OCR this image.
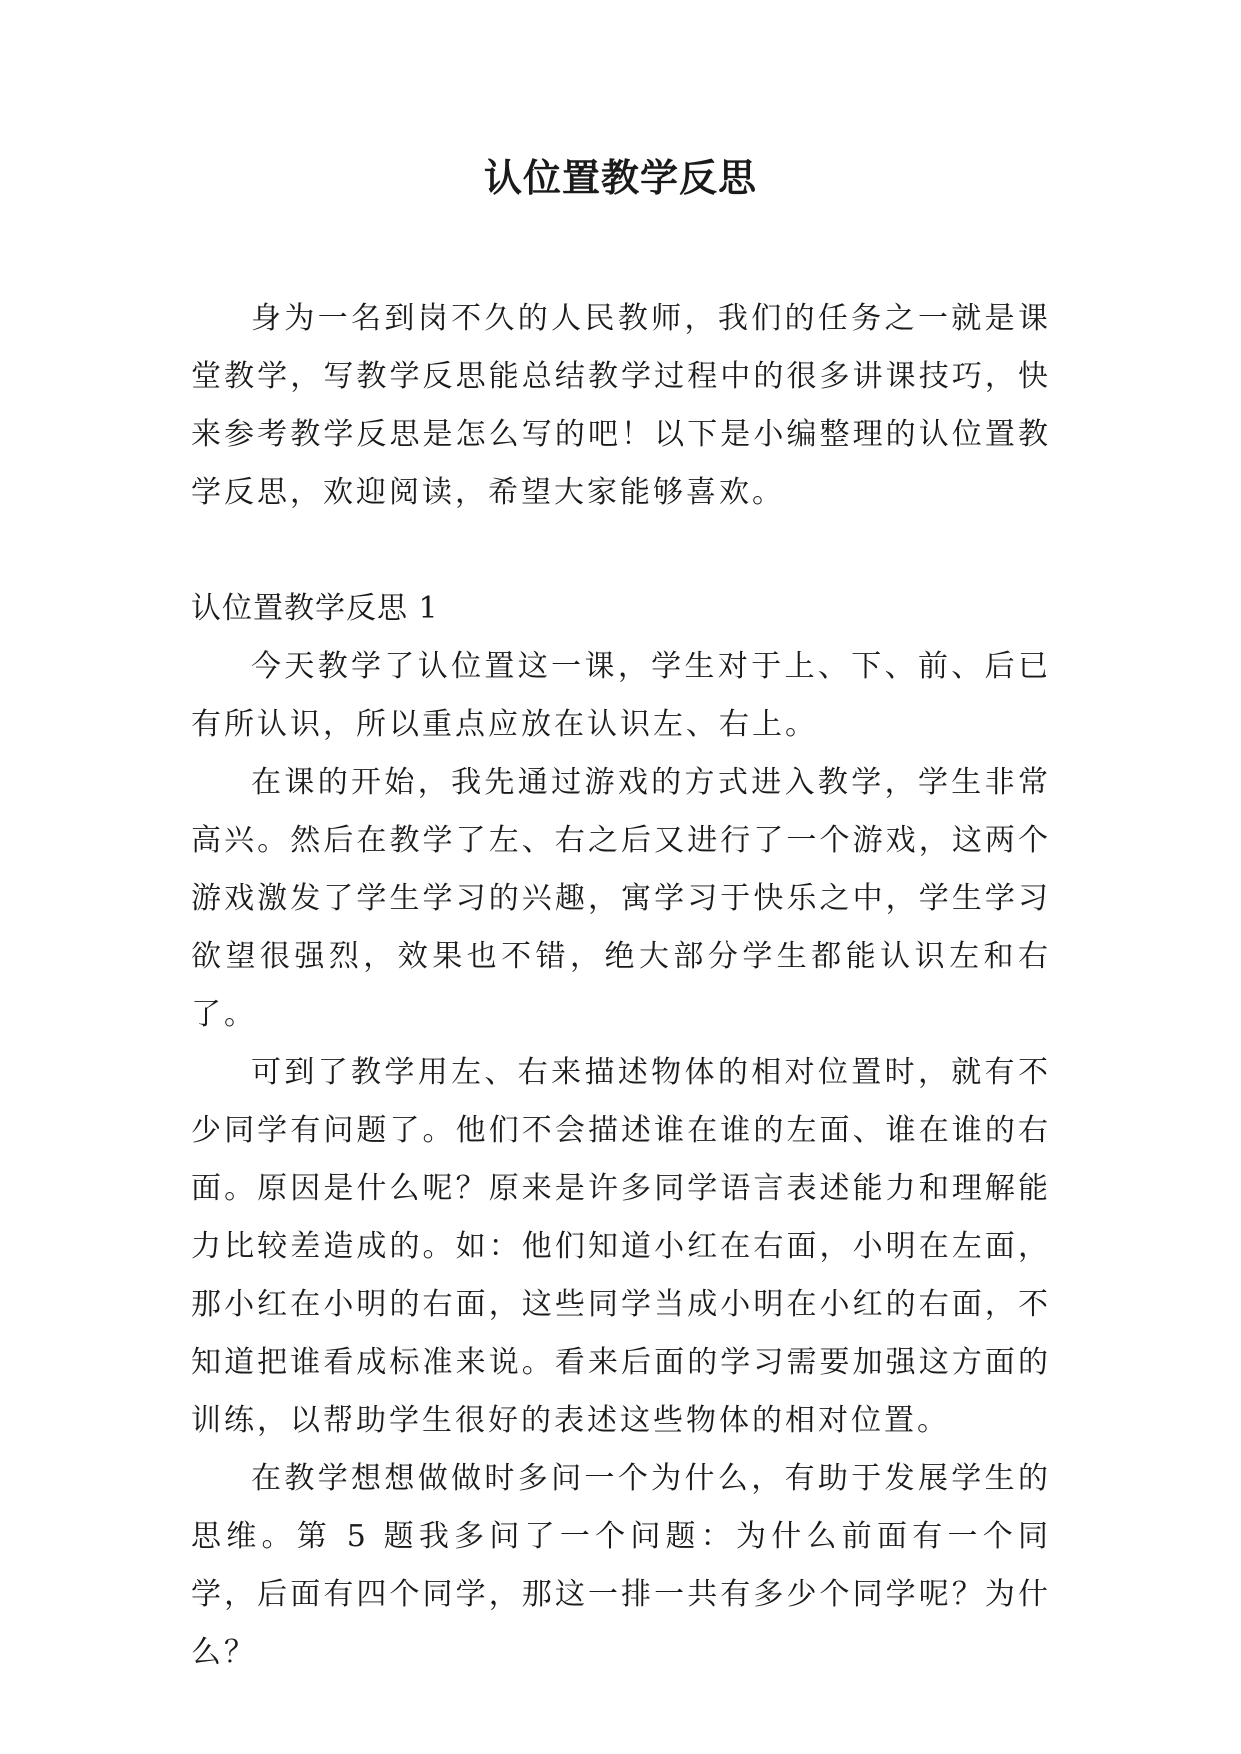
认位置教学反思

身为一名到岗不久的人民教师，我们的任务之一就是课堂教学，写教学反思能总结教学过程中的很多讲课技巧，快来参考教学反思是怎么写的吧！以下是小编整理的认位置教学反思，欢迎阅读，希望大家能够喜欢。

认位置教学反思 1

今天教学了认位置这一课，学生对于上、下、前、后已有所认识，所以重点应放在认识左、右上。

在课的开始，我先通过游戏的方式进入教学，学生非常高兴。然后在教学了左、右之后又进行了一个游戏，这两个游戏激发了学生学习的兴趣，寓学习于快乐之中，学生学习欲望很强烈，效果也不错，绝大部分学生都能认识左和右了。

可到了教学用左、右来描述物体的相对位置时，就有不少同学有问题了。他们不会描述谁在谁的左面、谁在谁的右面。原因是什么呢？原来是许多同学语言表述能力和理解能力比较差造成的。如：他们知道小红在右面，小明在左面，那小红在小明的右面，这些同学当成小明在小红的右面，不知道把谁看成标准来说。看来后面的学习需要加强这方面的训练，以帮助学生很好的表述这些物体的相对位置。

在教学想想做做时多问一个为什么，有助于发展学生的思维。第 5 题我多问了一个问题：为什么前面有一个同学，后面有四个同学，那这一排一共有多少个同学呢？为什么？
